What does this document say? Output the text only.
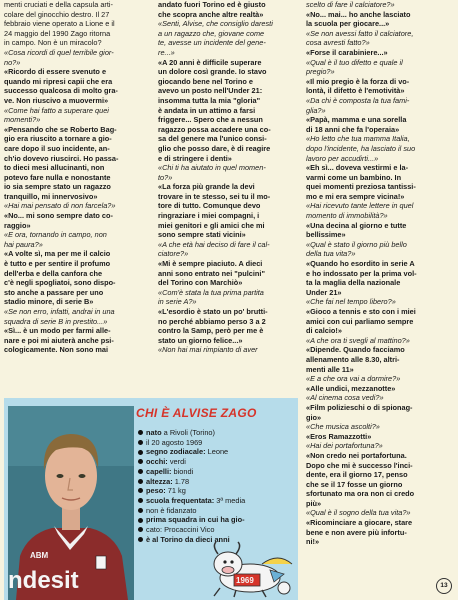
menti cruciati e della capsula arti-

colare del ginocchio destro. Il 27

febbraio viene operato a Lione e il

24 maggio del 1990 Zago ritorna

in campo. Non è un miracolo?

«Cosa ricordi di quel terribile gior-

no?»

«Ricordo di essere svenuto e

quando mi ripresi capii che era

successo qualcosa di molto gra-

ve. Non riuscivo a muovermi»

«Come hai fatto a superare quei

momenti?»

«Pensando che se Roberto Bag-

gio era riuscito a tornare a gio-

care dopo il suo incidente, an-

ch'io dovevo riuscirci. Ho passa-

to dieci mesi allucinanti, non

potevo fare nulla e nonostante

io sia sempre stato un ragazzo

tranquillo, mi innervosivo»

«Hai mai pensato di non farcela?»

«No... mi sono sempre dato co-

raggio»

«E ora, tornando in campo, non

hai paura?»

«A volte sì, ma per me il calcio

è tutto e per sentire il profumo

dell'erba e della canfora che

c'è negli spogliatoi, sono dispo-

sto anche a passare per uno

stadio minore, di serie B»

«Se non erro, infatti, andrai in una

squadra di serie B in prestito...»

«Sì... è un modo per farmi alle-

nare e poi mi aiuterà anche psi-

cologicamente. Non sono mai

andato fuori Torino ed è giusto

che scopra anche altre realtà»

«Senti, Alvise, che consiglio daresti

a un ragazzo che, giovane come

te, avesse un incidente del gene-

re...»

«A 20 anni è difficile superare

un dolore così grande. Io stavo

giocando bene nel Torino e

avevo un posto nell'Under 21:

insomma tutta la mia "gloria"

è andata in un attimo a farsi

friggere... Spero che a nessun

ragazzo possa accadere una co-

sa del genere ma l'unico consi-

glio che posso dare, è di reagire

e di stringere i denti»

«Chi ti ha aiutato in quel momen-

to?»

«La forza più grande la devi

trovare in te stesso, sei tu il mo-

tore di tutto. Comunque devo

ringraziare i miei compagni, i

miei genitori e gli amici che mi

sono sempre stati vicini»

«A che età hai deciso di fare il cal-

ciatore?»

«Mi è sempre piaciuto. A dieci

anni sono entrato nei "pulcini"

del Torino con Marchiò»

«Com'è stata la tua prima partita

in serie A?»

«L'esordio è stato un po' brutti-

no perché abbiamo perso 3 a 2

contro la Samp, però per me è

stato un giorno felice...»

«Non hai mai rimpianto di aver

scelto di fare il calciatore?»

«No... mai... ho anche lasciato

la scuola per giocare...»

«Se non avessi fatto il calciatore,

cosa avresti fatto?»

«Forse il carabiniere...»

«Qual è il tuo difetto e quale il

pregio?»

«Il mio pregio è la forza di vo-

lontà, il difetto è l'emotività»

«Da chi è composta la tua fami-

glia?»

«Papà, mamma e una sorella

di 18 anni che fa l'operaia»

«Ho letto che tua mamma Italia,

dopo l'incidente, ha lasciato il suo

lavoro per accudirti...»

«Eh sì... doveva vestirmi e la-

varmi come un bambino. In

quei momenti preziosa tantissi-

mo e mi era sempre vicina!»

«Hai ricevuto tante lettere in quel

momento di immobilità?»

«Una decina al giorno e tutte

bellissime»

«Qual è stato il giorno più bello

della tua vita?»

«Quando ho esordito in serie A

e ho indossato per la prima vol-

ta la maglia della nazionale

Under 21»

«Che fai nel tempo libero?»

«Gioco a tennis e sto con i miei

amici con cui parliamo sempre

di calcio!»

«A che ora ti svegli al mattino?»

«Dipende. Quando facciamo

allenamento alle 8.30, altri-

menti alle 11»

«E a che ora vai a dormire?»

«Alle undici, mezzanotte»

«Al cinema cosa vedi?»

«Film polizieschi o di spionag-

gio»

«Che musica ascolti?»

«Eros Ramazzotti»

«Hai dei portafortuna?»

«Non credo nei portafortuna.

Dopo che mi è successo l'inci-

dente, era il giorno 17, penso

che se il 17 fosse un giorno

sfortunato ma ora non ci credo

più»

«Qual è il sogno della tua vita?»

«Ricominciare a giocare, stare

bene e non avere più infortu-

ni!»

ABM
ndesit
CHI È ALVISE ZAGO
nato a Rivoli (Torino)
il 20 agosto 1969
segno zodiacale: Leone
occhi: verdi
capelli: biondi
altezza: 1.78
peso: 71 kg
scuola frequentata: 3ª media
non è fidanzato
prima squadra in cui ha gio-
cato: Procaccini Vico
è al Torino da dieci anni
1969
13
